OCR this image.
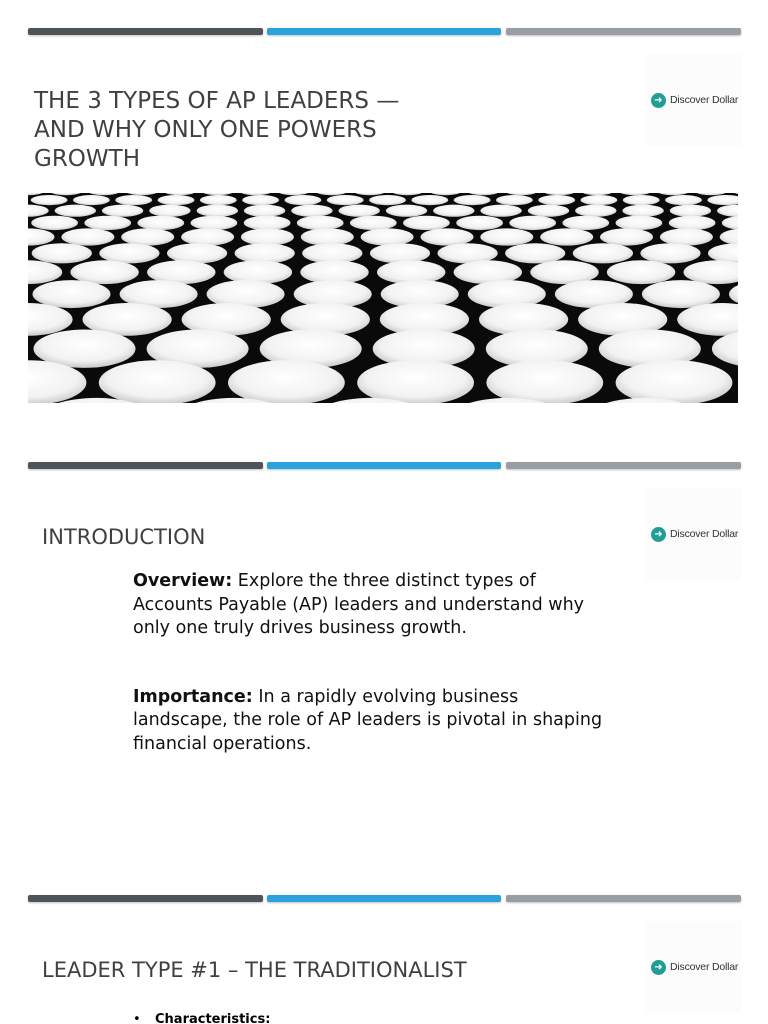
THE 3 TYPES OF AP LEADERS — AND WHY ONLY ONE POWERS GROWTH
➜ Discover Dollar
INTRODUCTION	➜ Discover Dollar

Overview: Explore the three distinct types of Accounts Payable (AP) leaders and understand why only one truly drives business growth.

Importance: In a rapidly evolving business landscape, the role of AP leaders is pivotal in shaping financial operations.

LEADER TYPE #1 – THE TRADITIONALIST	➜ Discover Dollar
• Characteristics:
